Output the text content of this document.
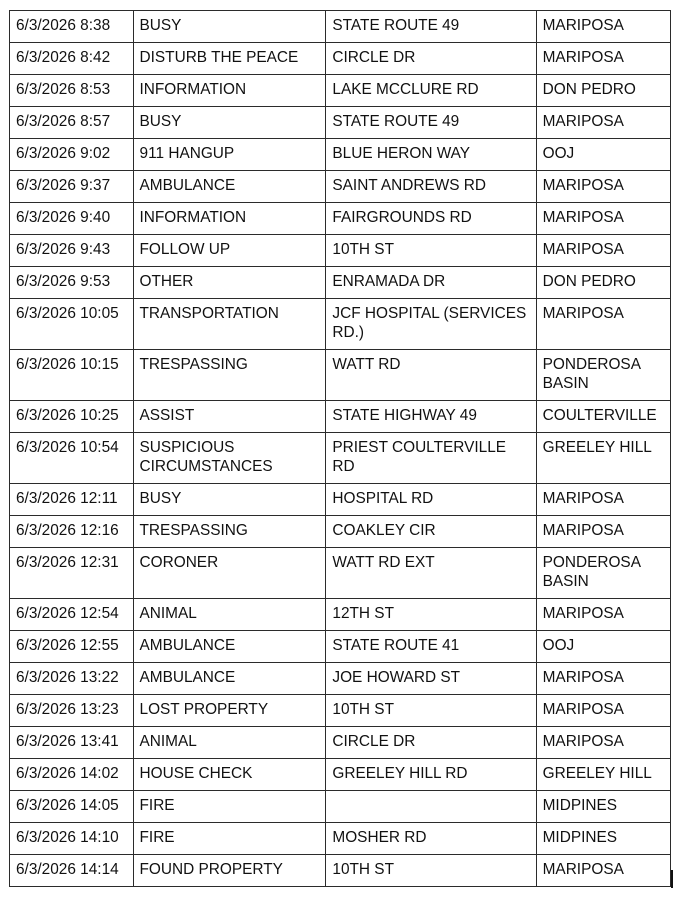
6/3/2026 8:38	BUSY	STATE ROUTE 49	MARIPOSA
6/3/2026 8:42	DISTURB THE PEACE	CIRCLE DR	MARIPOSA
6/3/2026 8:53	INFORMATION	LAKE MCCLURE RD	DON PEDRO
6/3/2026 8:57	BUSY	STATE ROUTE 49	MARIPOSA
6/3/2026 9:02	911 HANGUP	BLUE HERON WAY	OOJ
6/3/2026 9:37	AMBULANCE	SAINT ANDREWS RD	MARIPOSA
6/3/2026 9:40	INFORMATION	FAIRGROUNDS RD	MARIPOSA
6/3/2026 9:43	FOLLOW UP	10TH ST	MARIPOSA
6/3/2026 9:53	OTHER	ENRAMADA DR	DON PEDRO
6/3/2026 10:05	TRANSPORTATION	JCF HOSPITAL (SERVICES RD.)	MARIPOSA
6/3/2026 10:15	TRESPASSING	WATT RD	PONDEROSA BASIN
6/3/2026 10:25	ASSIST	STATE HIGHWAY 49	COULTERVILLE
6/3/2026 10:54	SUSPICIOUS CIRCUMSTANCES	PRIEST COULTERVILLE RD	GREELEY HILL
6/3/2026 12:11	BUSY	HOSPITAL RD	MARIPOSA
6/3/2026 12:16	TRESPASSING	COAKLEY CIR	MARIPOSA
6/3/2026 12:31	CORONER	WATT RD EXT	PONDEROSA BASIN
6/3/2026 12:54	ANIMAL	12TH ST	MARIPOSA
6/3/2026 12:55	AMBULANCE	STATE ROUTE 41	OOJ
6/3/2026 13:22	AMBULANCE	JOE HOWARD ST	MARIPOSA
6/3/2026 13:23	LOST PROPERTY	10TH ST	MARIPOSA
6/3/2026 13:41	ANIMAL	CIRCLE DR	MARIPOSA
6/3/2026 14:02	HOUSE CHECK	GREELEY HILL RD	GREELEY HILL
6/3/2026 14:05	FIRE		MIDPINES
6/3/2026 14:10	FIRE	MOSHER RD	MIDPINES
6/3/2026 14:14	FOUND PROPERTY	10TH ST	MARIPOSA
